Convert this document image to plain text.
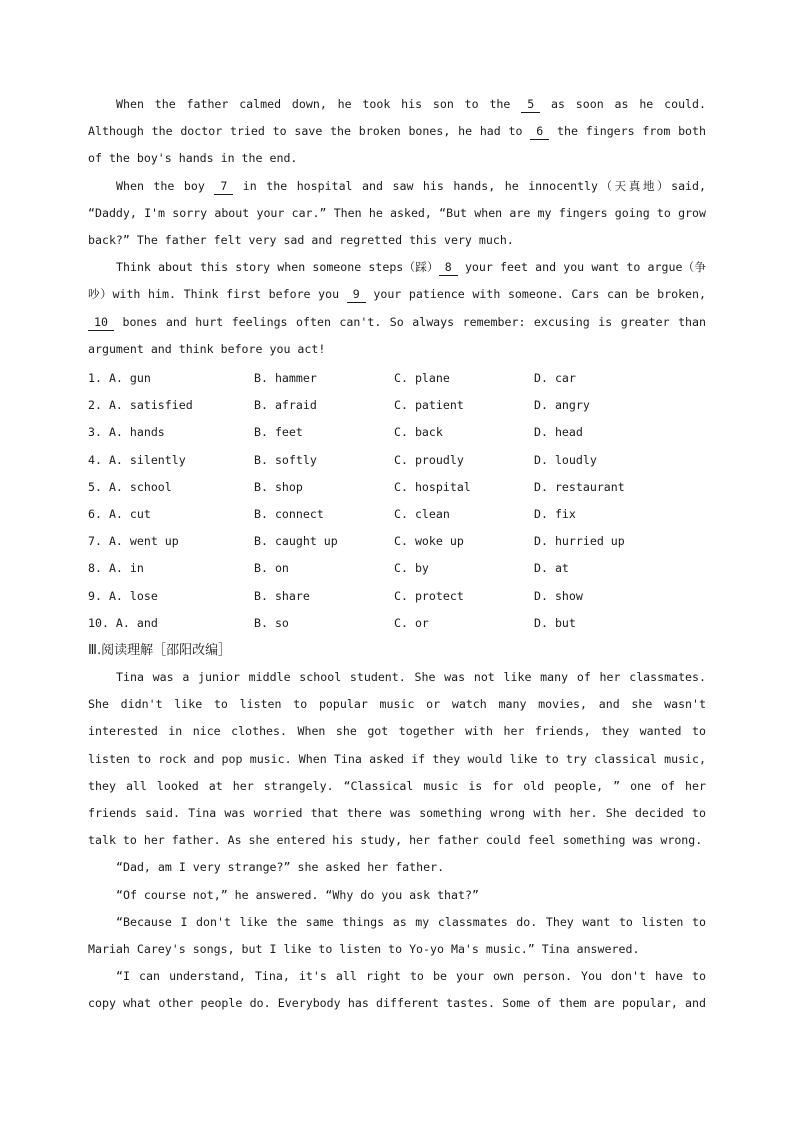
When the father calmed down, he took his son to the 5 as soon as he could. Although the doctor tried to save the broken bones, he had to 6 the fingers from both of the boy's hands in the end.

When the boy 7 in the hospital and saw his hands, he innocently（天真地）said, “Daddy, I'm sorry about your car.” Then he asked, “But when are my fingers going to grow back?” The father felt very sad and regretted this very much.

Think about this story when someone steps（踩） 8 your feet and you want to argue（争吵）with him. Think first before you 9 your patience with someone. Cars can be broken, 10 bones and hurt feelings often can't. So always remember: excusing is greater than argument and think before you act!

1. A. gun	B. hammer	C. plane	D. car
2. A. satisfied	B. afraid	C. patient	D. angry
3. A. hands	B. feet	C. back	D. head
4. A. silently	B. softly	C. proudly	D. loudly
5. A. school	B. shop	C. hospital	D. restaurant
6. A. cut	B. connect	C. clean	D. fix
7. A. went up	B. caught up	C. woke up	D. hurried up
8. A. in	B. on	C. by	D. at
9. A. lose	B. share	C. protect	D. show
10. A. and	B. so	C. or	D. but

Ⅲ.阅读理解［邵阳改编］

Tina was a junior middle school student. She was not like many of her classmates. She didn't like to listen to popular music or watch many movies, and she wasn't interested in nice clothes. When she got together with her friends, they wanted to listen to rock and pop music. When Tina asked if they would like to try classical music, they all looked at her strangely. “Classical music is for old people, ” one of her friends said. Tina was worried that there was something wrong with her. She decided to talk to her father. As she entered his study, her father could feel something was wrong.

“Dad, am I very strange?” she asked her father.

“Of course not,” he answered. “Why do you ask that?”

“Because I don't like the same things as my classmates do. They want to listen to Mariah Carey's songs, but I like to listen to Yo-yo Ma's music.” Tina answered.

“I can understand, Tina, it's all right to be your own person. You don't have to copy what other people do. Everybody has different tastes. Some of them are popular, and
